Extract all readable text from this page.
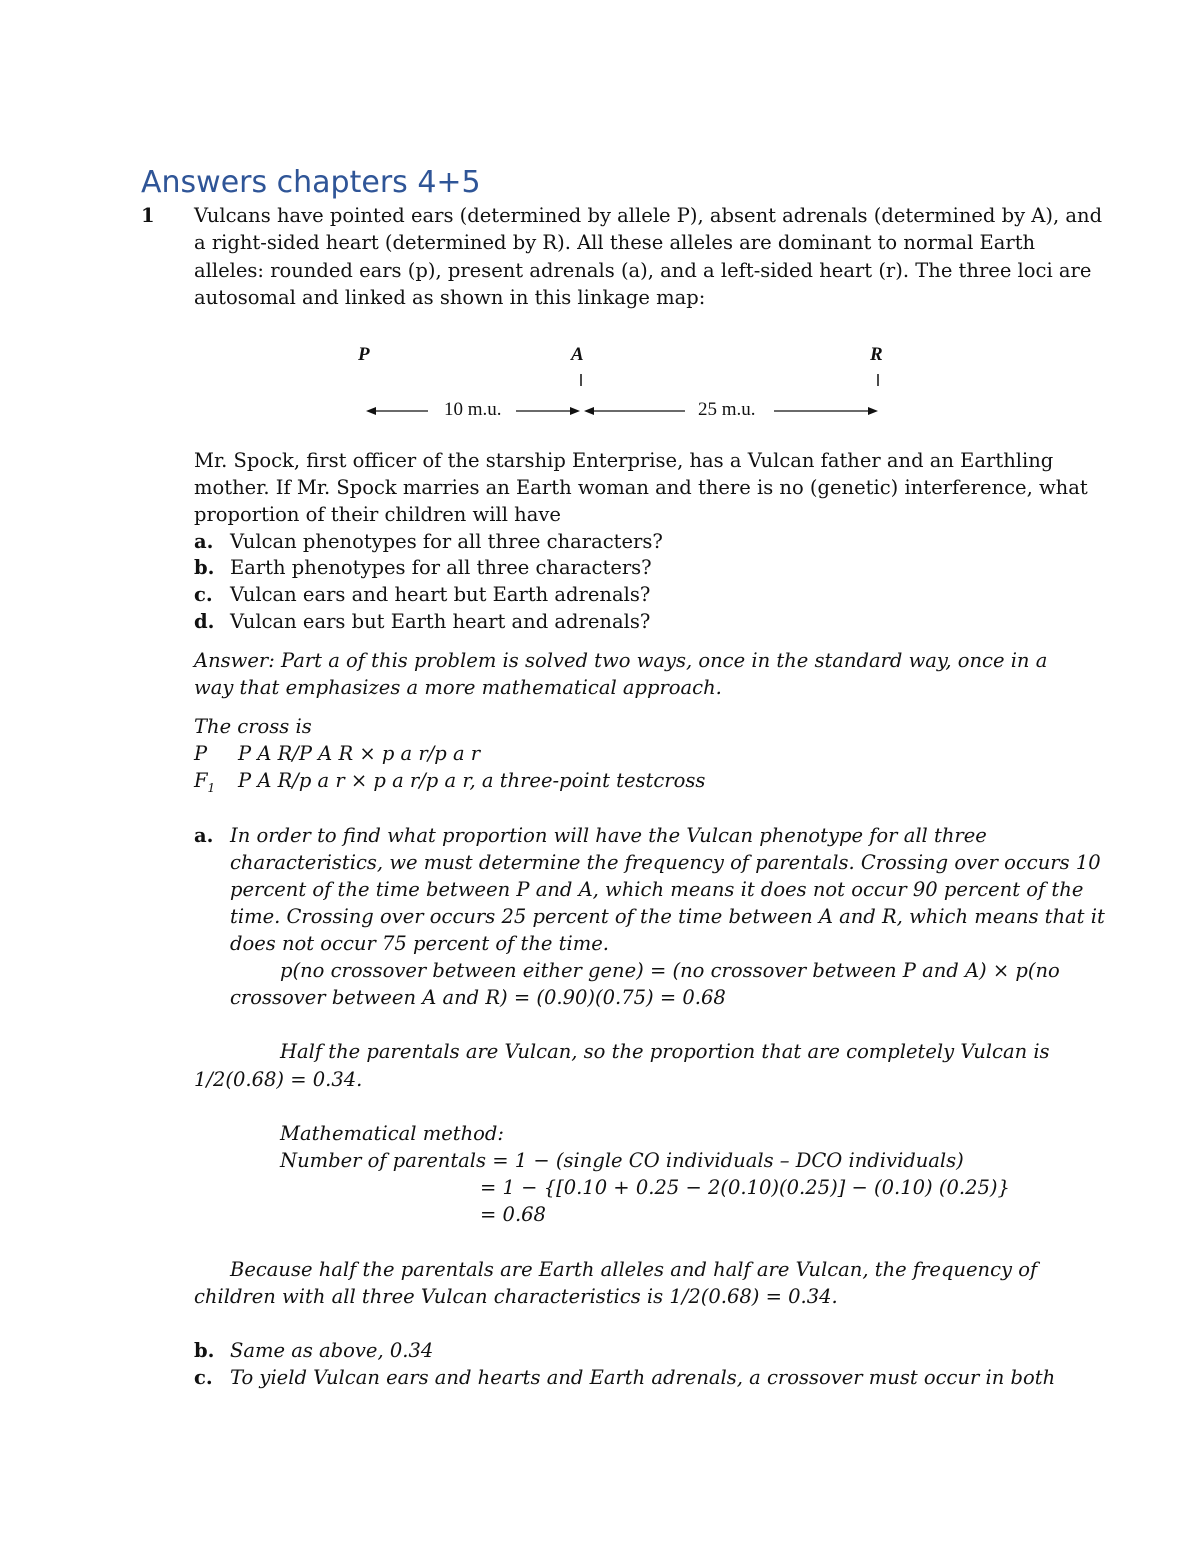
Answers chapters 4+5
1 Vulcans have pointed ears (determined by allele P), absent adrenals (determined by A), and
a right-sided heart (determined by R). All these alleles are dominant to normal Earth
alleles: rounded ears (p), present adrenals (a), and a left-sided heart (r). The three loci are
autosomal and linked as shown in this linkage map:
P	A	R
10 m.u.	25 m.u.
Mr. Spock, first officer of the starship Enterprise, has a Vulcan father and an Earthling
mother. If Mr. Spock marries an Earth woman and there is no (genetic) interference, what
proportion of their children will have
a. Vulcan phenotypes for all three characters?
b. Earth phenotypes for all three characters?
c. Vulcan ears and heart but Earth adrenals?
d. Vulcan ears but Earth heart and adrenals?
Answer: Part a of this problem is solved two ways, once in the standard way, once in a
way that emphasizes a more mathematical approach.
The cross is
P P A R/P A R × p a r/p a r
$F_1$ P A R/p a r × p a r/p a r, a three-point testcross
a. In order to find what proportion will have the Vulcan phenotype for all three
characteristics, we must determine the frequency of parentals. Crossing over occurs 10
percent of the time between P and A, which means it does not occur 90 percent of the
time. Crossing over occurs 25 percent of the time between A and R, which means that it
does not occur 75 percent of the time.
p(no crossover between either gene) = (no crossover between P and A) × p(no
crossover between A and R) = (0.90)(0.75) = 0.68
Half the parentals are Vulcan, so the proportion that are completely Vulcan is
1/2(0.68) = 0.34.
Mathematical method:
Number of parentals = 1 − (single CO individuals – DCO individuals)
= 1 − {[0.10 + 0.25 − 2(0.10)(0.25)] − (0.10) (0.25)}
= 0.68
Because half the parentals are Earth alleles and half are Vulcan, the frequency of
children with all three Vulcan characteristics is 1/2(0.68) = 0.34.
b. Same as above, 0.34
c. To yield Vulcan ears and hearts and Earth adrenals, a crossover must occur in both
